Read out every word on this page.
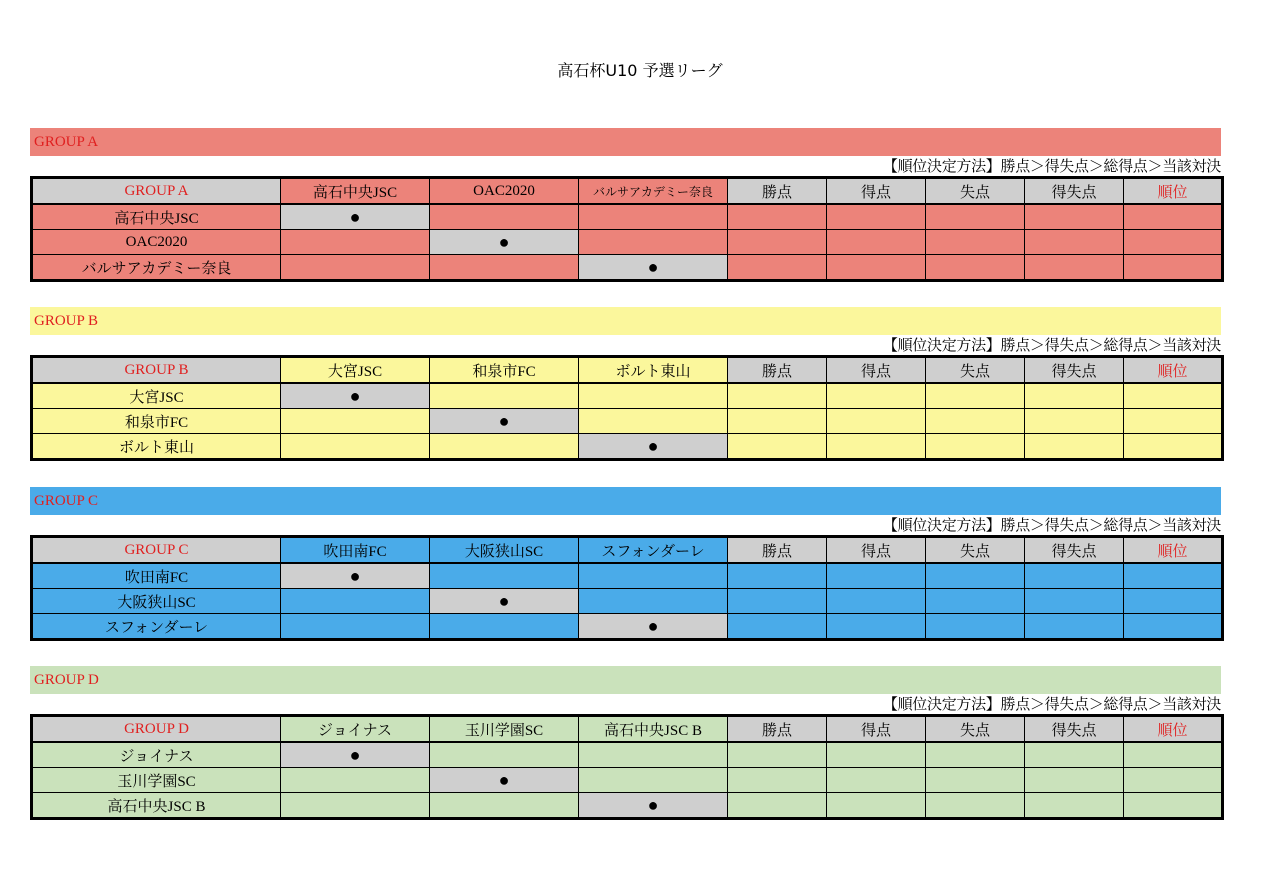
高石杯U10 予選リーグ
GROUP A
【順位決定方法】勝点＞得失点＞総得点＞当該対決
GROUP A	高石中央JSC	OAC2020	バルサアカデミー奈良	勝点	得点	失点	得失点	順位
高石中央JSC	●							
OAC2020		●						
バルサアカデミー奈良			●					
GROUP B
【順位決定方法】勝点＞得失点＞総得点＞当該対決
GROUP B	大宮JSC	和泉市FC	ボルト東山	勝点	得点	失点	得失点	順位
大宮JSC	●							
和泉市FC		●						
ボルト東山			●					
GROUP C
【順位決定方法】勝点＞得失点＞総得点＞当該対決
GROUP C	吹田南FC	大阪狭山SC	スフォンダーレ	勝点	得点	失点	得失点	順位
吹田南FC	●							
大阪狭山SC		●						
スフォンダーレ			●					
GROUP D
【順位決定方法】勝点＞得失点＞総得点＞当該対決
GROUP D	ジョイナス	玉川学園SC	高石中央JSC B	勝点	得点	失点	得失点	順位
ジョイナス	●							
玉川学園SC		●						
高石中央JSC B			●					
